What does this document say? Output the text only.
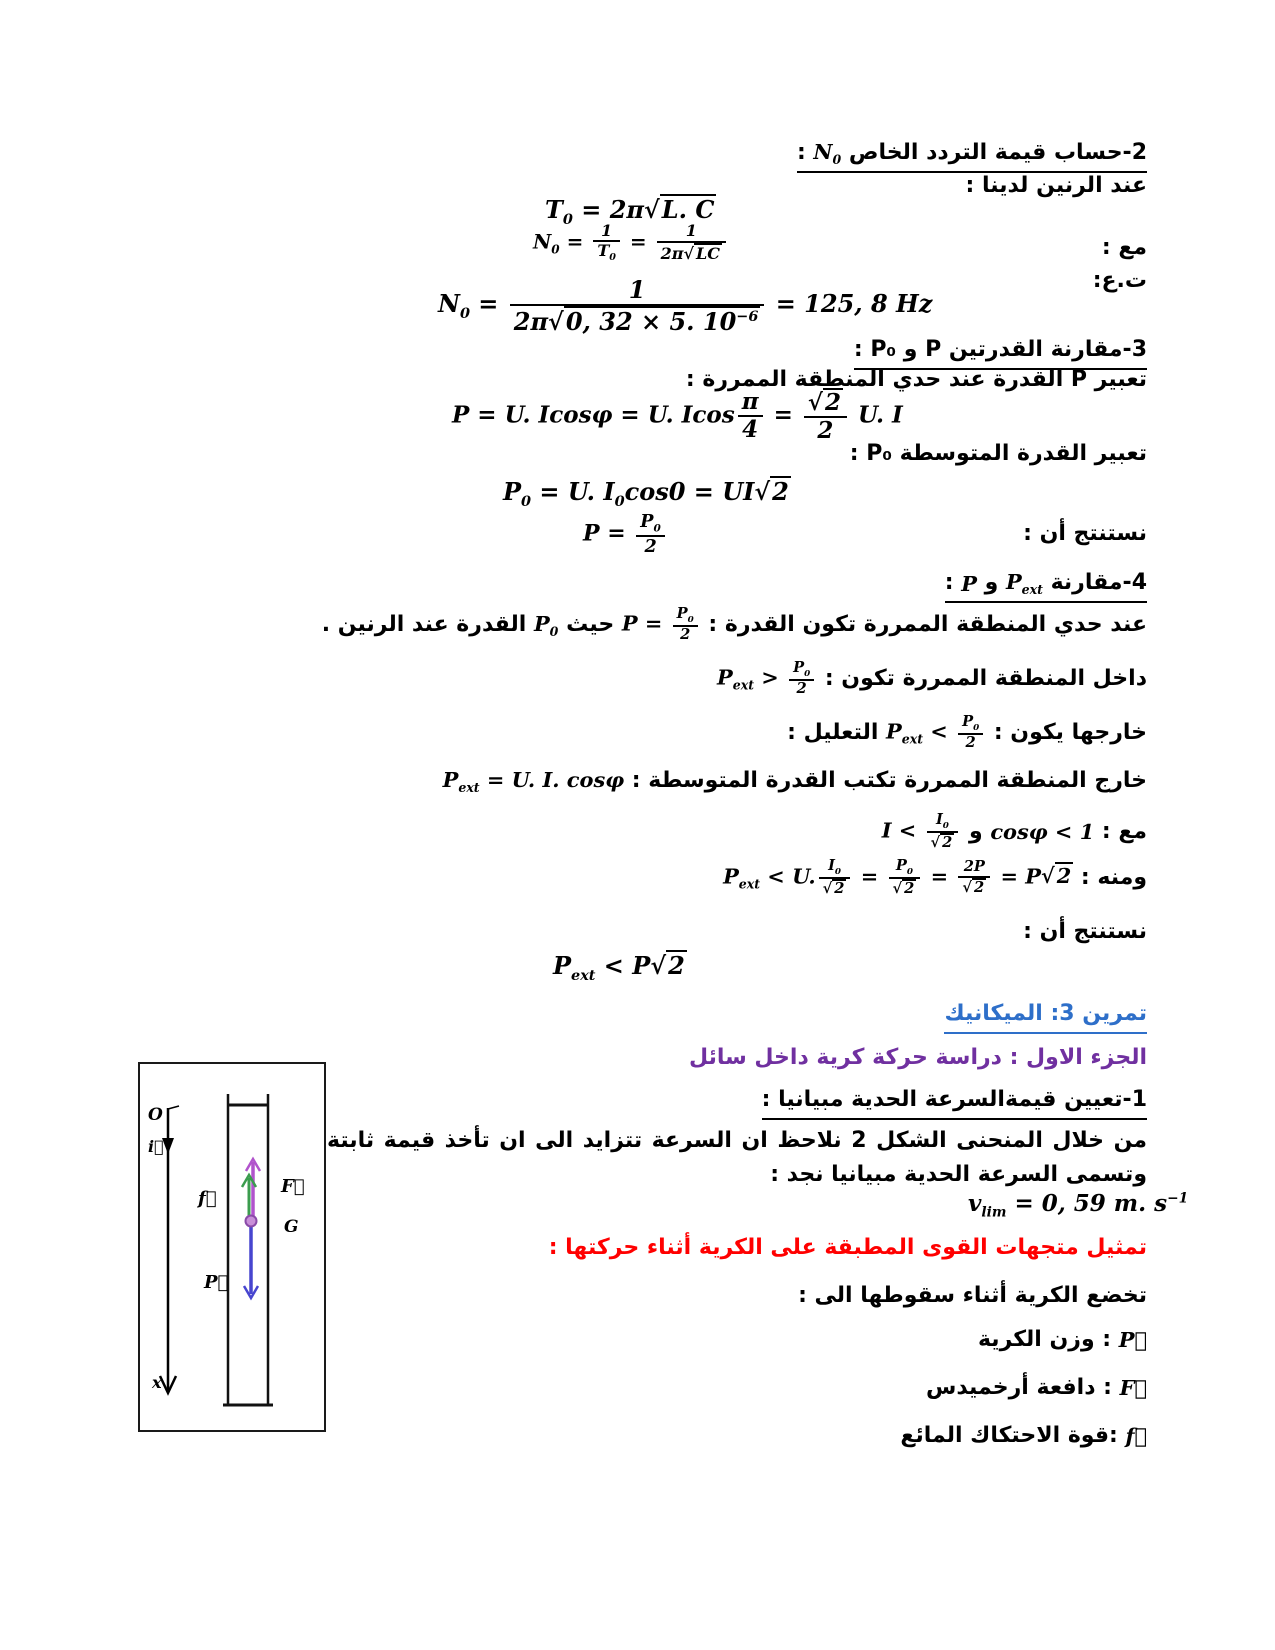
2-حساب قيمة التردد الخاص $N_0$ :
عند الرنين لدينا :
$T_0 = 2\pi√L$. C
$N_0 = \frac{1}{T_0} = \frac{1}{2\pi√ LC}$	مع :
ت.ع:
$N_0 = \frac{1}{2\pi√0, 32 \times 5. 10^{-6}} = 125$, 8 Hz
3-مقارنة القدرتين P و P₀ :
تعبير P القدرة عند حدي المنطقة الممررة :
P = U. Icosφ = U. Icos $\frac{\pi}{4} = \frac{√2}{2} U$. I
تعبير القدرة المتوسطة P₀ :
$P_0 = U$. $I_0\cos 0 = UI√2$
نستنتج أن :
$P = \frac{P_0}{2}$
4-مقارنة $P_{ext}$ و P :
عند حدي المنطقة الممررة تكون القدرة : $P = \frac{P_0}{2}$
حيث $P_0$ القدرة عند الرنين .
داخل المنطقة الممررة تكون : $P_{ext} > \frac{P_0}{2}$
خارجها يكون : $P_{ext} < \frac{P_0}{2}$
التعليل :
خارج المنطقة الممررة تكتب القدرة المتوسطة : $P_{ext} = U$. I. cosφ
مع : cosφ < 1 و $I < \frac{I_0}{√ 2}$
ومنه : $P_{ext} < U$. $\frac{I_0}{√ 2} = \frac{P_0}{√ 2} = \frac{2P}{√ 2} = P√2$
نستنتج أن :
$P_{ext} < P√2$
تمرين 3: الميكانيك
الجزء الاول : دراسة حركة كرية داخل سائل
1-تعيين قيمةالسرعة الحدية مبيانيا :
من خلال المنحنى الشكل 2 نلاحظ ان السرعة تتزايد الى ان تأخذ قيمة ثابتة وتسمى السرعة الحدية مبيانيا نجد :
$v_{lim} = 0$, 59 m. $s^{-1}$
تمثيل متجهات القوى المطبقة على الكرية أثناء حركتها :
تخضع الكرية أثناء سقوطها الى :
P⃗ : وزن الكرية
F⃗ : دافعة أرخميدس
f⃗ :قوة الاحتكاك المائع
O
i⃗
x
f⃗
F⃗
G
P⃗
